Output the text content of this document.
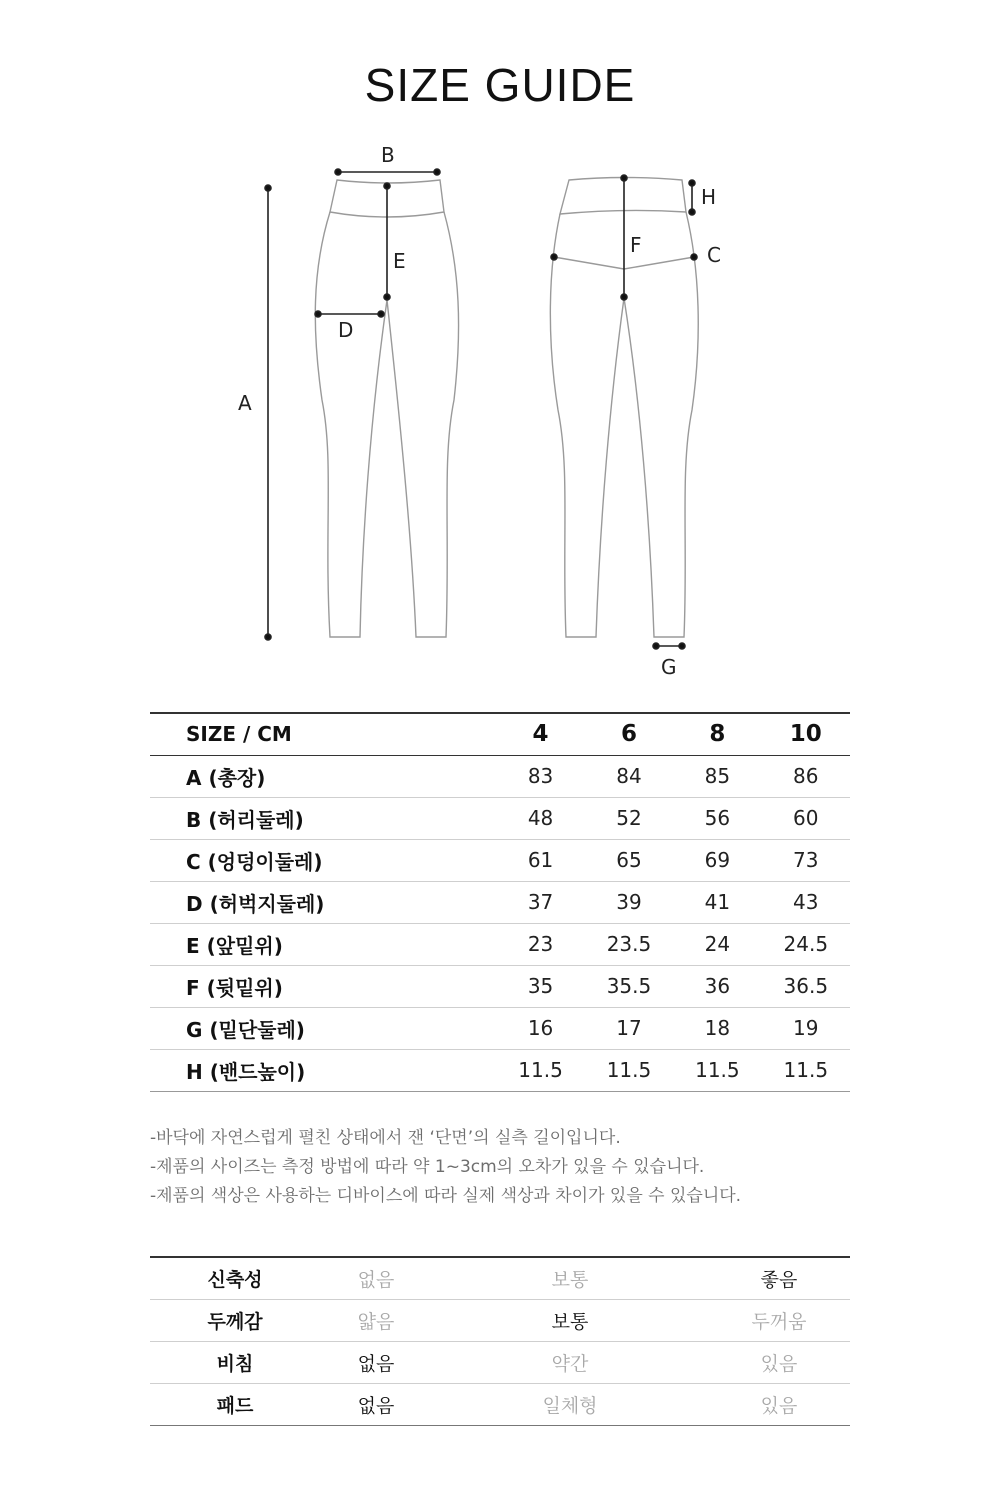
SIZE GUIDE
A
B
C
D
E
F
G
H
SIZE / CM	4	6	8	10
A (총장)	83	84	85	86
B (허리둘레)	48	52	56	60
C (엉덩이둘레)	61	65	69	73
D (허벅지둘레)	37	39	41	43
E (앞밑위)	23	23.5	24	24.5
F (뒷밑위)	35	35.5	36	36.5
G (밑단둘레)	16	17	18	19
H (밴드높이)	11.5	11.5	11.5	11.5
-바닥에 자연스럽게 펼친 상태에서 잰 ‘단면’의 실측 길이입니다.
-제품의 사이즈는 측정 방법에 따라 약 1~3cm의 오차가 있을 수 있습니다.
-제품의 색상은 사용하는 디바이스에 따라 실제 색상과 차이가 있을 수 있습니다.
신축성	없음	보통	좋음
두께감	얇음	보통	두꺼움
비침	없음	약간	있음
패드	없음	일체형	있음
